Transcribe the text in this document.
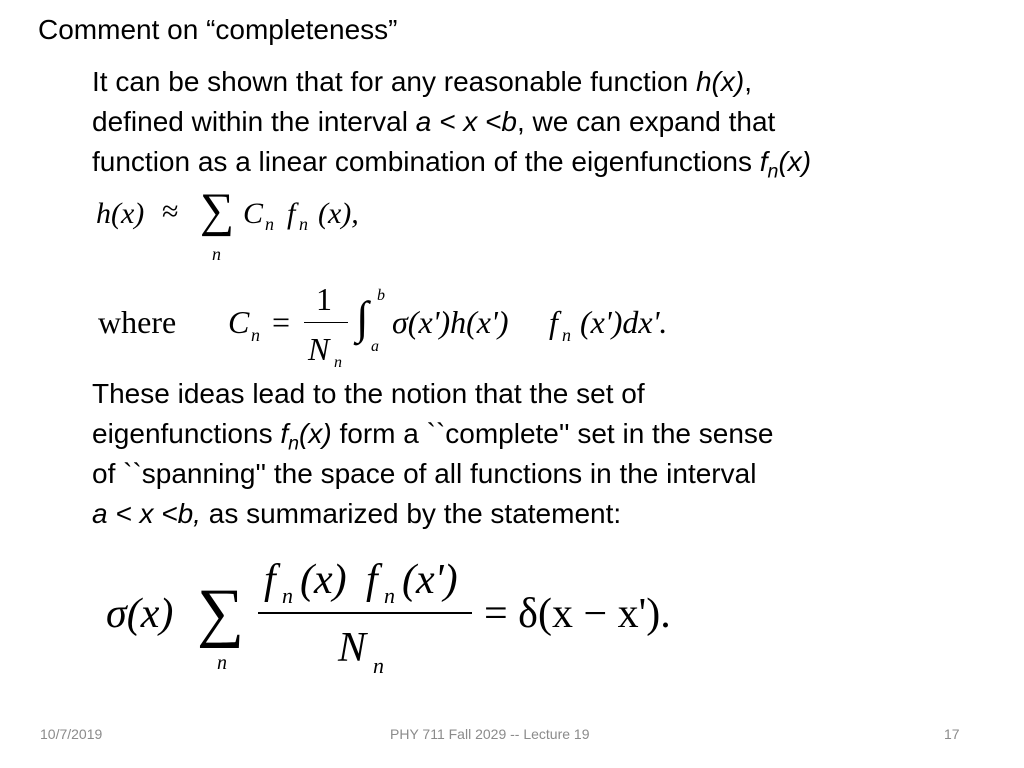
Comment on “completeness”
It can be shown that for any reasonable function h(x),
defined within the interval a < x <b, we can expand that
function as a linear combination of the eigenfunctions $f_n(x)$
h(x) ≈ ∑
n
C n f n (x),
where C n =
1
N n
∫ b
a
σ(x')h(x') f n (x')dx'.
These ideas lead to the notion that the set of
eigenfunctions $f_n(x)$ form a ``complete'' set in the sense
of ``spanning'' the space of all functions in the interval
a < x <b, as summarized by the statement:
σ(x) ∑
n
f n (x) f n (x')
N n
= δ(x − x').
10/7/2019	PHY 711 Fall 2029 -- Lecture 19	17
